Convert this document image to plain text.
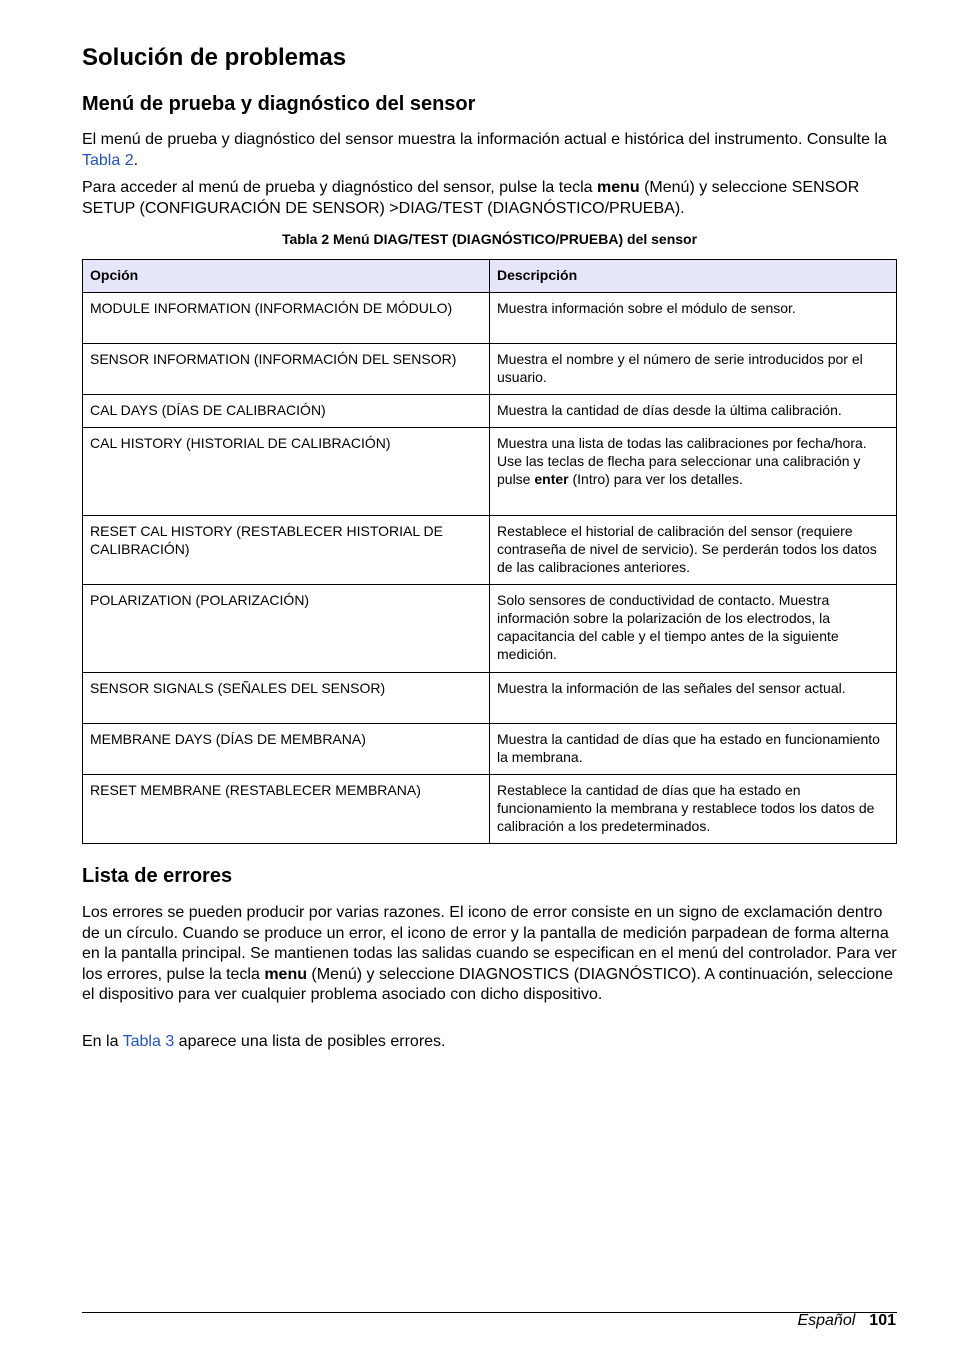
Solución de problemas
Menú de prueba y diagnóstico del sensor

El menú de prueba y diagnóstico del sensor muestra la información actual e histórica del instrumento. Consulte la Tabla 2.

Para acceder al menú de prueba y diagnóstico del sensor, pulse la tecla menu (Menú) y seleccione SENSOR SETUP (CONFIGURACIÓN DE SENSOR) >DIAG/TEST (DIAGNÓSTICO/PRUEBA).

Tabla 2 Menú DIAG/TEST (DIAGNÓSTICO/PRUEBA) del sensor
Opción	Descripción
MODULE INFORMATION (INFORMACIÓN DE MÓDULO)	Muestra información sobre el módulo de sensor.
SENSOR INFORMATION (INFORMACIÓN DEL SENSOR)	Muestra el nombre y el número de serie introducidos por el usuario.
CAL DAYS (DÍAS DE CALIBRACIÓN)	Muestra la cantidad de días desde la última calibración.
CAL HISTORY (HISTORIAL DE CALIBRACIÓN)	Muestra una lista de todas las calibraciones por fecha/hora. Use las teclas de flecha para seleccionar una calibración y pulse enter (Intro) para ver los detalles.
RESET CAL HISTORY (RESTABLECER HISTORIAL DE CALIBRACIÓN)	Restablece el historial de calibración del sensor (requiere contraseña de nivel de servicio). Se perderán todos los datos de las calibraciones anteriores.
POLARIZATION (POLARIZACIÓN)	Solo sensores de conductividad de contacto. Muestra información sobre la polarización de los electrodos, la capacitancia del cable y el tiempo antes de la siguiente medición.
SENSOR SIGNALS (SEÑALES DEL SENSOR)	Muestra la información de las señales del sensor actual.
MEMBRANE DAYS (DÍAS DE MEMBRANA)	Muestra la cantidad de días que ha estado en funcionamiento la membrana.
RESET MEMBRANE (RESTABLECER MEMBRANA)	Restablece la cantidad de días que ha estado en funcionamiento la membrana y restablece todos los datos de calibración a los predeterminados.
Lista de errores

Los errores se pueden producir por varias razones. El icono de error consiste en un signo de exclamación dentro de un círculo. Cuando se produce un error, el icono de error y la pantalla de medición parpadean de forma alterna en la pantalla principal. Se mantienen todas las salidas cuando se especifican en el menú del controlador. Para ver los errores, pulse la tecla menu (Menú) y seleccione DIAGNOSTICS (DIAGNÓSTICO). A continuación, seleccione el dispositivo para ver cualquier problema asociado con dicho dispositivo.

En la Tabla 3 aparece una lista de posibles errores.

Español 101
